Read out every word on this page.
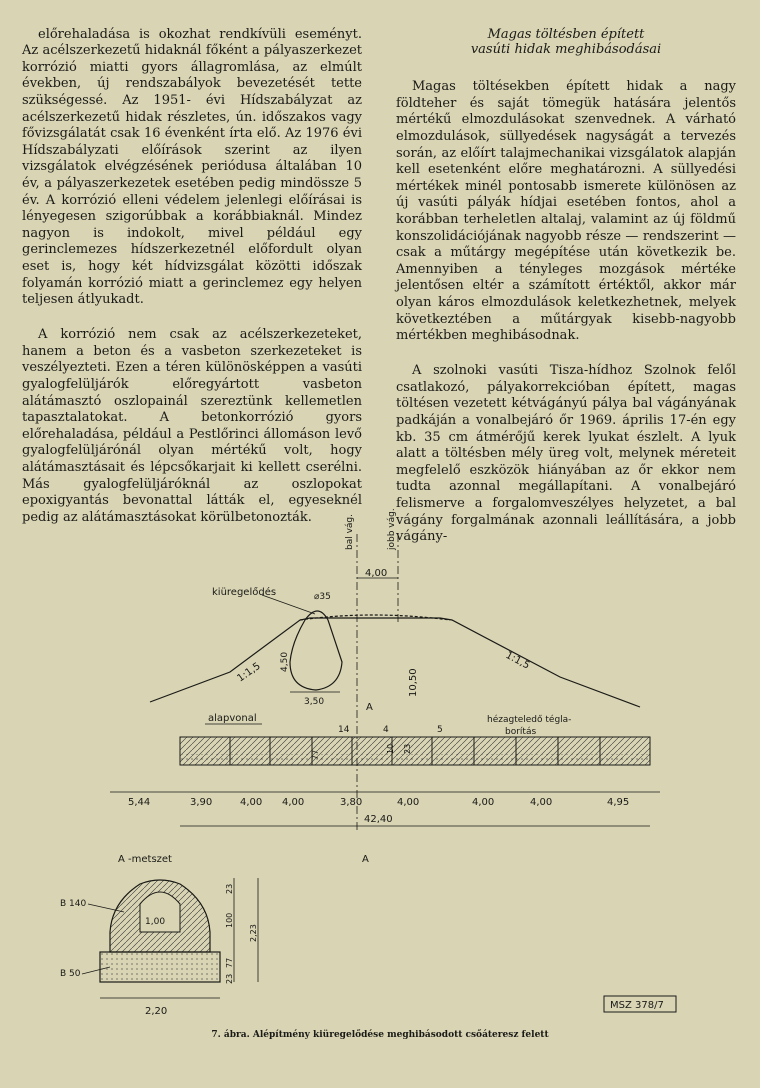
előrehaladása is okozhat rendkívüli eseményt. Az acélszerkezetű hidaknál főként a pályaszerkezet korrózió miatti gyors állagromlása, az elmúlt években, új rendszabályok bevezetését tette szükségessé. Az 1951- évi Hídszabályzat az acélszerkezetű hidak részletes, ún. időszakos vagy fővizsgálatát csak 16 évenként írta elő. Az 1976 évi Hídszabályzati előírások szerint az ilyen vizsgálatok elvégzésének periódusa általában 10 év, a pályaszerkezetek esetében pedig mindössze 5 év. A korrózió elleni védelem jelenlegi előírásai is lényegesen szigorúbbak a korábbiaknál. Mindez nagyon is indokolt, mivel például egy gerinclemezes hídszerkezetnél előfordult olyan eset is, hogy két hídvizsgálat közötti időszak folyamán korrózió miatt a gerinclemez egy helyen teljesen átlyukadt.

A korrózió nem csak az acélszerkezeteket, hanem a beton és a vasbeton szerkezeteket is veszélyezteti. Ezen a téren különösképpen a vasúti gyalogfelüljárók előregyártott vasbeton alátámasztó oszlopainál szereztünk kellemetlen tapasztalatokat. A betonkorrózió gyors előrehaladása, például a Pestlőrinci állomáson levő gyalogfelüljárónál olyan mértékű volt, hogy alátámasztásait és lépcsőkarjait ki kellett cserélni. Más gyalogfelüljáróknál az oszlopokat epoxigyantás bevonattal látták el, egyeseknél pedig az alátámasztásokat körülbetonozták.

Magas töltésben épített
vasúti hidak meghibásodásai

Magas töltésekben épített hidak a nagy földteher és saját tömegük hatására jelentős mértékű elmozdulásokat szenvednek. A várható elmozdulások, süllyedések nagyságát a tervezés során, az előírt talajmechanikai vizsgálatok alapján kell esetenként előre meghatározni. A süllyedési mértékek minél pontosabb ismerete különösen az új vasúti pályák hídjai esetében fontos, ahol a korábban terheletlen altalaj, valamint az új földmű konszolidációjának nagyobb része — rendszerint — csak a műtárgy megépítése után következik be. Amennyiben a tényleges mozgások mértéke jelentősen eltér a számított értéktől, akkor már olyan káros elmozdulások keletkezhetnek, melyek következtében a műtárgyak kisebb-nagyobb mértékben meghibásodnak.

A szolnoki vasúti Tisza-hídhoz Szolnok felől csatlakozó, pályakorrekcióban épített, magas töltésen vezetett kétvágányú pálya bal vágányának padkáján a vonalbejáró őr 1969. április 17-én egy kb. 35 cm átmérőjű kerek lyukat észlelt. A lyuk alatt a töltésben mély üreg volt, melynek méreteit megfelelő eszközök hiányában az őr ekkor nem tudta azonnal megállapítani. A vonalbejáró felismerve a forgalomveszélyes helyzetet, a bal vágány forgalmának azonnali leállítására, a jobb vágány-

bal vág.	jobb vág.
4,00
kiüregelődés	⌀35
4,50
3,50
1:1,5	1:1,5
10,50
alapvonal
A
A
14	4	5
10 23
77
hézagteledő tégla-
borítás
5,44	3,90	4,00 4,00	3,80	4,00	4,00	4,00	4,95
42,40
A -metszet
B 140
B 50
1,00
2,20
23
100
77
23
2,23
MSZ 378/7
7. ábra. Alépítmény kiüregelődése meghibásodott csőáteresz felett
